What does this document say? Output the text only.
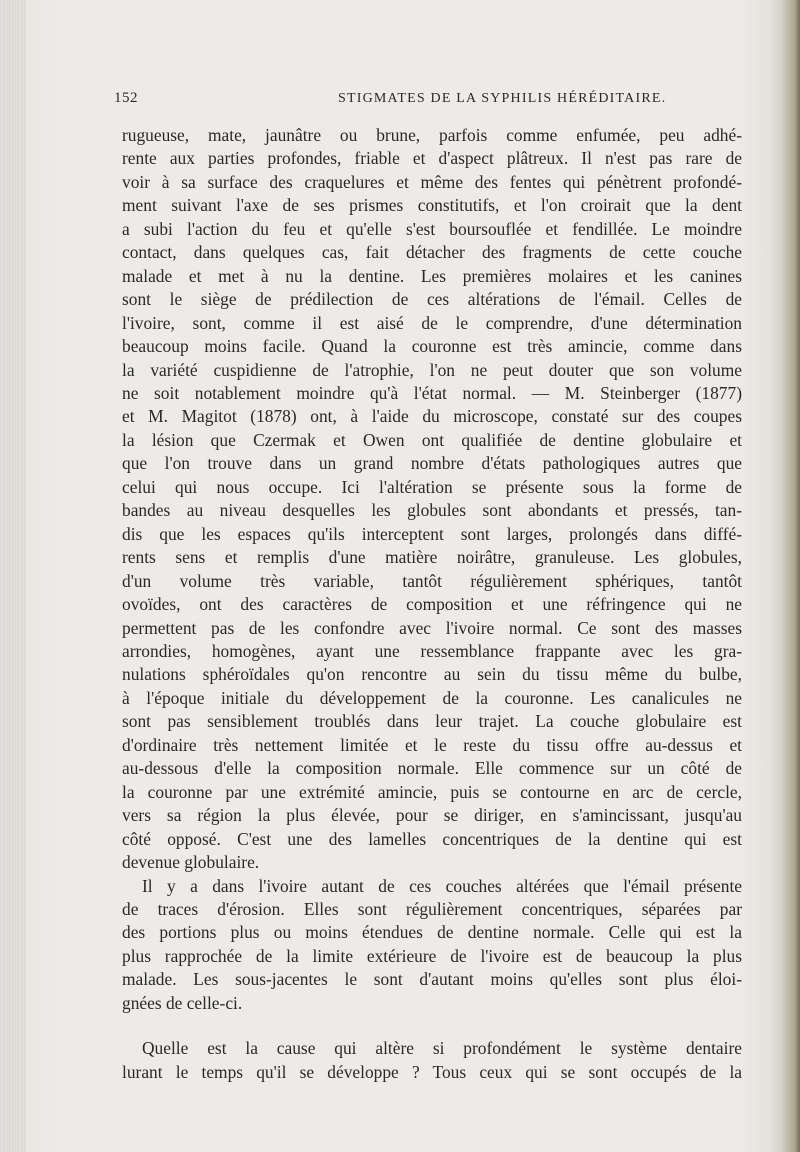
152	STIGMATES DE LA SYPHILIS HÉRÉDITAIRE.
rugueuse, mate, jaunâtre ou brune, parfois comme enfumée, peu adhé-
rente aux parties profondes, friable et d'aspect plâtreux. Il n'est pas rare de
voir à sa surface des craquelures et même des fentes qui pénètrent profondé-
ment suivant l'axe de ses prismes constitutifs, et l'on croirait que la dent
a subi l'action du feu et qu'elle s'est boursouflée et fendillée. Le moindre
contact, dans quelques cas, fait détacher des fragments de cette couche
malade et met à nu la dentine. Les premières molaires et les canines
sont le siège de prédilection de ces altérations de l'émail. Celles de
l'ivoire, sont, comme il est aisé de le comprendre, d'une détermination
beaucoup moins facile. Quand la couronne est très amincie, comme dans
la variété cuspidienne de l'atrophie, l'on ne peut douter que son volume
ne soit notablement moindre qu'à l'état normal. — M. Steinberger (1877)
et M. Magitot (1878) ont, à l'aide du microscope, constaté sur des coupes
la lésion que Czermak et Owen ont qualifiée de dentine globulaire et
que l'on trouve dans un grand nombre d'états pathologiques autres que
celui qui nous occupe. Ici l'altération se présente sous la forme de
bandes au niveau desquelles les globules sont abondants et pressés, tan-
dis que les espaces qu'ils interceptent sont larges, prolongés dans diffé-
rents sens et remplis d'une matière noirâtre, granuleuse. Les globules,
d'un volume très variable, tantôt régulièrement sphériques, tantôt
ovoïdes, ont des caractères de composition et une réfringence qui ne
permettent pas de les confondre avec l'ivoire normal. Ce sont des masses
arrondies, homogènes, ayant une ressemblance frappante avec les gra-
nulations sphéroïdales qu'on rencontre au sein du tissu même du bulbe,
à l'époque initiale du développement de la couronne. Les canalicules ne
sont pas sensiblement troublés dans leur trajet. La couche globulaire est
d'ordinaire très nettement limitée et le reste du tissu offre au-dessus et
au-dessous d'elle la composition normale. Elle commence sur un côté de
la couronne par une extrémité amincie, puis se contourne en arc de cercle,
vers sa région la plus élevée, pour se diriger, en s'amincissant, jusqu'au
côté opposé. C'est une des lamelles concentriques de la dentine qui est
devenue globulaire.
Il y a dans l'ivoire autant de ces couches altérées que l'émail présente
de traces d'érosion. Elles sont régulièrement concentriques, séparées par
des portions plus ou moins étendues de dentine normale. Celle qui est la
plus rapprochée de la limite extérieure de l'ivoire est de beaucoup la plus
malade. Les sous-jacentes le sont d'autant moins qu'elles sont plus éloi-
gnées de celle-ci.
Quelle est la cause qui altère si profondément le système dentaire
lurant le temps qu'il se développe ? Tous ceux qui se sont occupés de la
